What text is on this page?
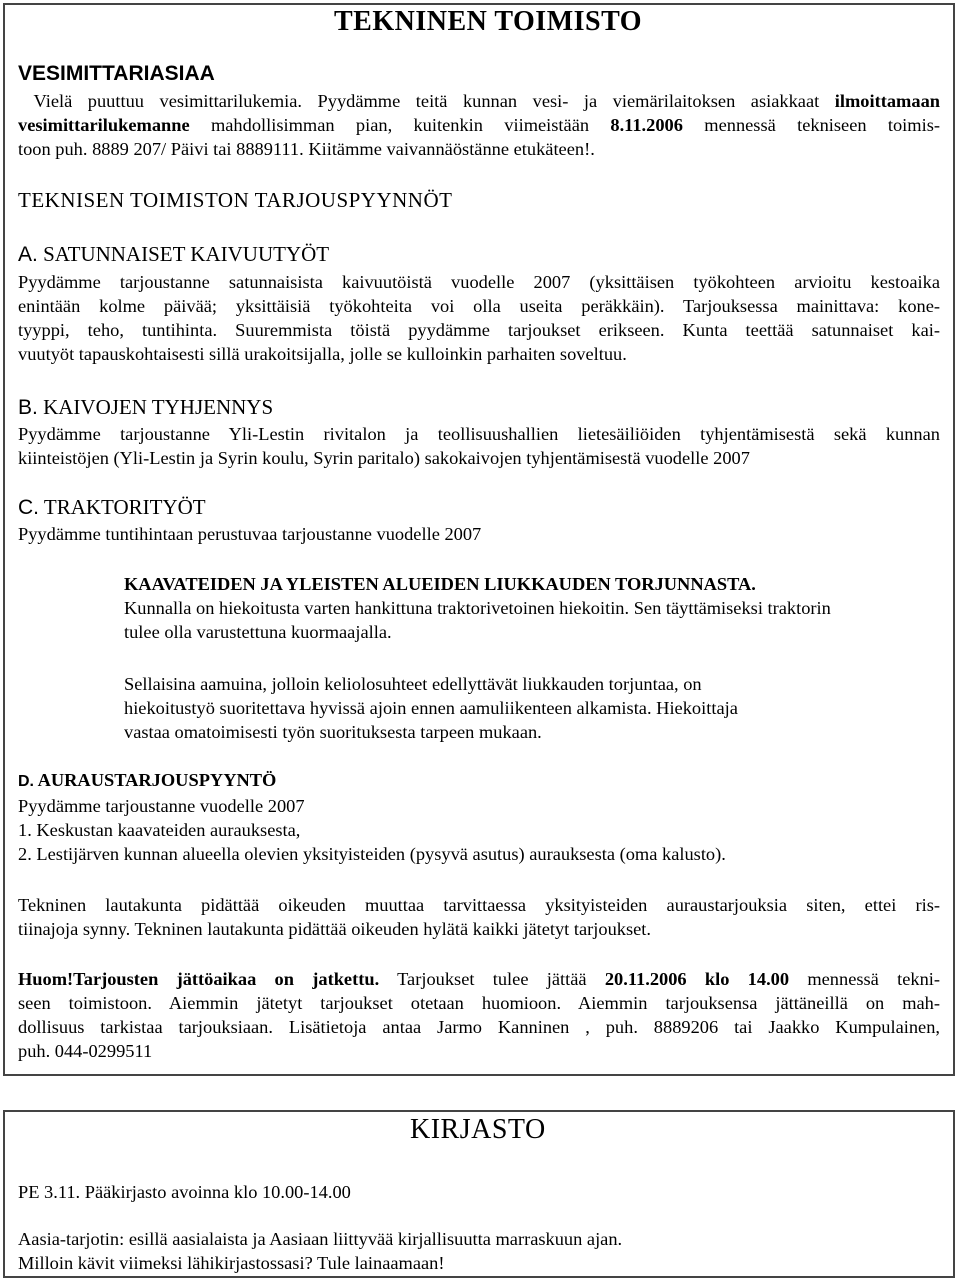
TEKNINEN TOIMISTO
VESIMITTARIASIAA
Vielä puuttuu vesimittarilukemia. Pyydämme teitä kunnan vesi- ja viemärilaitoksen asiakkaat ilmoittamaan
vesimittarilukemanne mahdollisimman pian, kuitenkin viimeistään 8.11.2006 mennessä tekniseen toimis-
toon puh. 8889 207/ Päivi tai 8889111. Kiitämme vaivannäöstänne etukäteen!.
TEKNISEN TOIMISTON TARJOUSPYYNNÖT
A. SATUNNAISET KAIVUUTYÖT
Pyydämme tarjoustanne satunnaisista kaivuutöistä vuodelle 2007 (yksittäisen työkohteen arvioitu kestoaika
enintään kolme päivää; yksittäisiä työkohteita voi olla useita peräkkäin). Tarjouksessa mainittava: kone-
tyyppi, teho, tuntihinta. Suuremmista töistä pyydämme tarjoukset erikseen. Kunta teettää satunnaiset kai-
vuutyöt tapauskohtaisesti sillä urakoitsijalla, jolle se kulloinkin parhaiten soveltuu.
B. KAIVOJEN TYHJENNYS
Pyydämme tarjoustanne Yli-Lestin rivitalon ja teollisuushallien lietesäiliöiden tyhjentämisestä sekä kunnan
kiinteistöjen (Yli-Lestin ja Syrin koulu, Syrin paritalo) sakokaivojen tyhjentämisestä vuodelle 2007
C. TRAKTORITYÖT
Pyydämme tuntihintaan perustuvaa tarjoustanne vuodelle 2007
KAAVATEIDEN JA YLEISTEN ALUEIDEN LIUKKAUDEN TORJUNNASTA.
Kunnalla on hiekoitusta varten hankittuna traktorivetoinen hiekoitin. Sen täyttämiseksi traktorin
tulee olla varustettuna kuormaajalla.
Sellaisina aamuina, jolloin keliolosuhteet edellyttävät liukkauden torjuntaa, on
hiekoitustyö suoritettava hyvissä ajoin ennen aamuliikenteen alkamista. Hiekoittaja
vastaa omatoimisesti työn suorituksesta tarpeen mukaan.
D. AURAUSTARJOUSPYYNTÖ
Pyydämme tarjoustanne vuodelle 2007
1. Keskustan kaavateiden aurauksesta,
2. Lestijärven kunnan alueella olevien yksityisteiden (pysyvä asutus) aurauksesta (oma kalusto).
Tekninen lautakunta pidättää oikeuden muuttaa tarvittaessa yksityisteiden auraustarjouksia siten, ettei ris-
tiinajoja synny. Tekninen lautakunta pidättää oikeuden hylätä kaikki jätetyt tarjoukset.
Huom!Tarjousten jättöaikaa on jatkettu. Tarjoukset tulee jättää 20.11.2006 klo 14.00 mennessä tekni-
seen toimistoon. Aiemmin jätetyt tarjoukset otetaan huomioon. Aiemmin tarjouksensa jättäneillä on mah-
dollisuus tarkistaa tarjouksiaan. Lisätietoja antaa Jarmo Kanninen , puh. 8889206 tai Jaakko Kumpulainen,
puh. 044-0299511
KIRJASTO
PE 3.11. Pääkirjasto avoinna klo 10.00-14.00
Aasia-tarjotin: esillä aasialaista ja Aasiaan liittyvää kirjallisuutta marraskuun ajan.
Milloin kävit viimeksi lähikirjastossasi? Tule lainaamaan!
